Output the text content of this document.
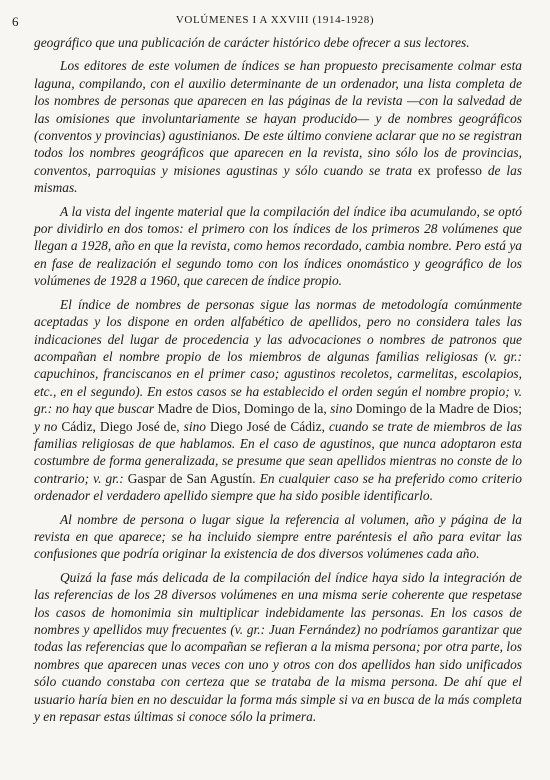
6	VOLÚMENES I A XXVIII (1914-1928)

geográfico que una publicación de carácter histórico debe ofrecer a sus lectores.

Los editores de este volumen de índices se han propuesto precisamente colmar esta laguna, compilando, con el auxilio determinante de un ordenador, una lista completa de los nombres de personas que aparecen en las páginas de la revista —con la salvedad de las omisiones que involuntariamente se hayan producido— y de nombres geográficos (conventos y provincias) agustinianos. De este último conviene aclarar que no se registran todos los nombres geográficos que aparecen en la revista, sino sólo los de provincias, conventos, parroquias y misiones agustinas y sólo cuando se trata ex professo de las mismas.

A la vista del ingente material que la compilación del índice iba acumulando, se optó por dividirlo en dos tomos: el primero con los índices de los primeros 28 volúmenes que llegan a 1928, año en que la revista, como hemos recordado, cambia nombre. Pero está ya en fase de realización el segundo tomo con los índices onomástico y geográfico de los volúmenes de 1928 a 1960, que carecen de índice propio.

El índice de nombres de personas sigue las normas de metodología comúnmente aceptadas y los dispone en orden alfabético de apellidos, pero no considera tales las indicaciones del lugar de procedencia y las advocaciones o nombres de patronos que acompañan el nombre propio de los miembros de algunas familias religiosas (v. gr.: capuchinos, franciscanos en el primer caso; agustinos recoletos, carmelitas, escolapios, etc., en el segundo). En estos casos se ha establecido el orden según el nombre propio; v. gr.: no hay que buscar Madre de Dios, Domingo de la, sino Domingo de la Madre de Dios; y no Cádiz, Diego José de, sino Diego José de Cádiz, cuando se trate de miembros de las familias religiosas de que hablamos. En el caso de agustinos, que nunca adoptaron esta costumbre de forma generalizada, se presume que sean apellidos mientras no conste de lo contrario; v. gr.: Gaspar de San Agustín. En cualquier caso se ha preferido como criterio ordenador el verdadero apellido siempre que ha sido posible identificarlo.

Al nombre de persona o lugar sigue la referencia al volumen, año y página de la revista en que aparece; se ha incluido siempre entre paréntesis el año para evitar las confusiones que podría originar la existencia de dos diversos volúmenes cada año.

Quizá la fase más delicada de la compilación del índice haya sido la integración de las referencias de los 28 diversos volúmenes en una misma serie coherente que respetase los casos de homonimia sin multiplicar indebidamente las personas. En los casos de nombres y apellidos muy frecuentes (v. gr.: Juan Fernández) no podríamos garantizar que todas las referencias que lo acompañan se refieran a la misma persona; por otra parte, los nombres que aparecen unas veces con uno y otros con dos apellidos han sido unificados sólo cuando constaba con certeza que se trataba de la misma persona. De ahí que el usuario haría bien en no descuidar la forma más simple si va en busca de la más completa y en repasar estas últimas si conoce sólo la primera.
